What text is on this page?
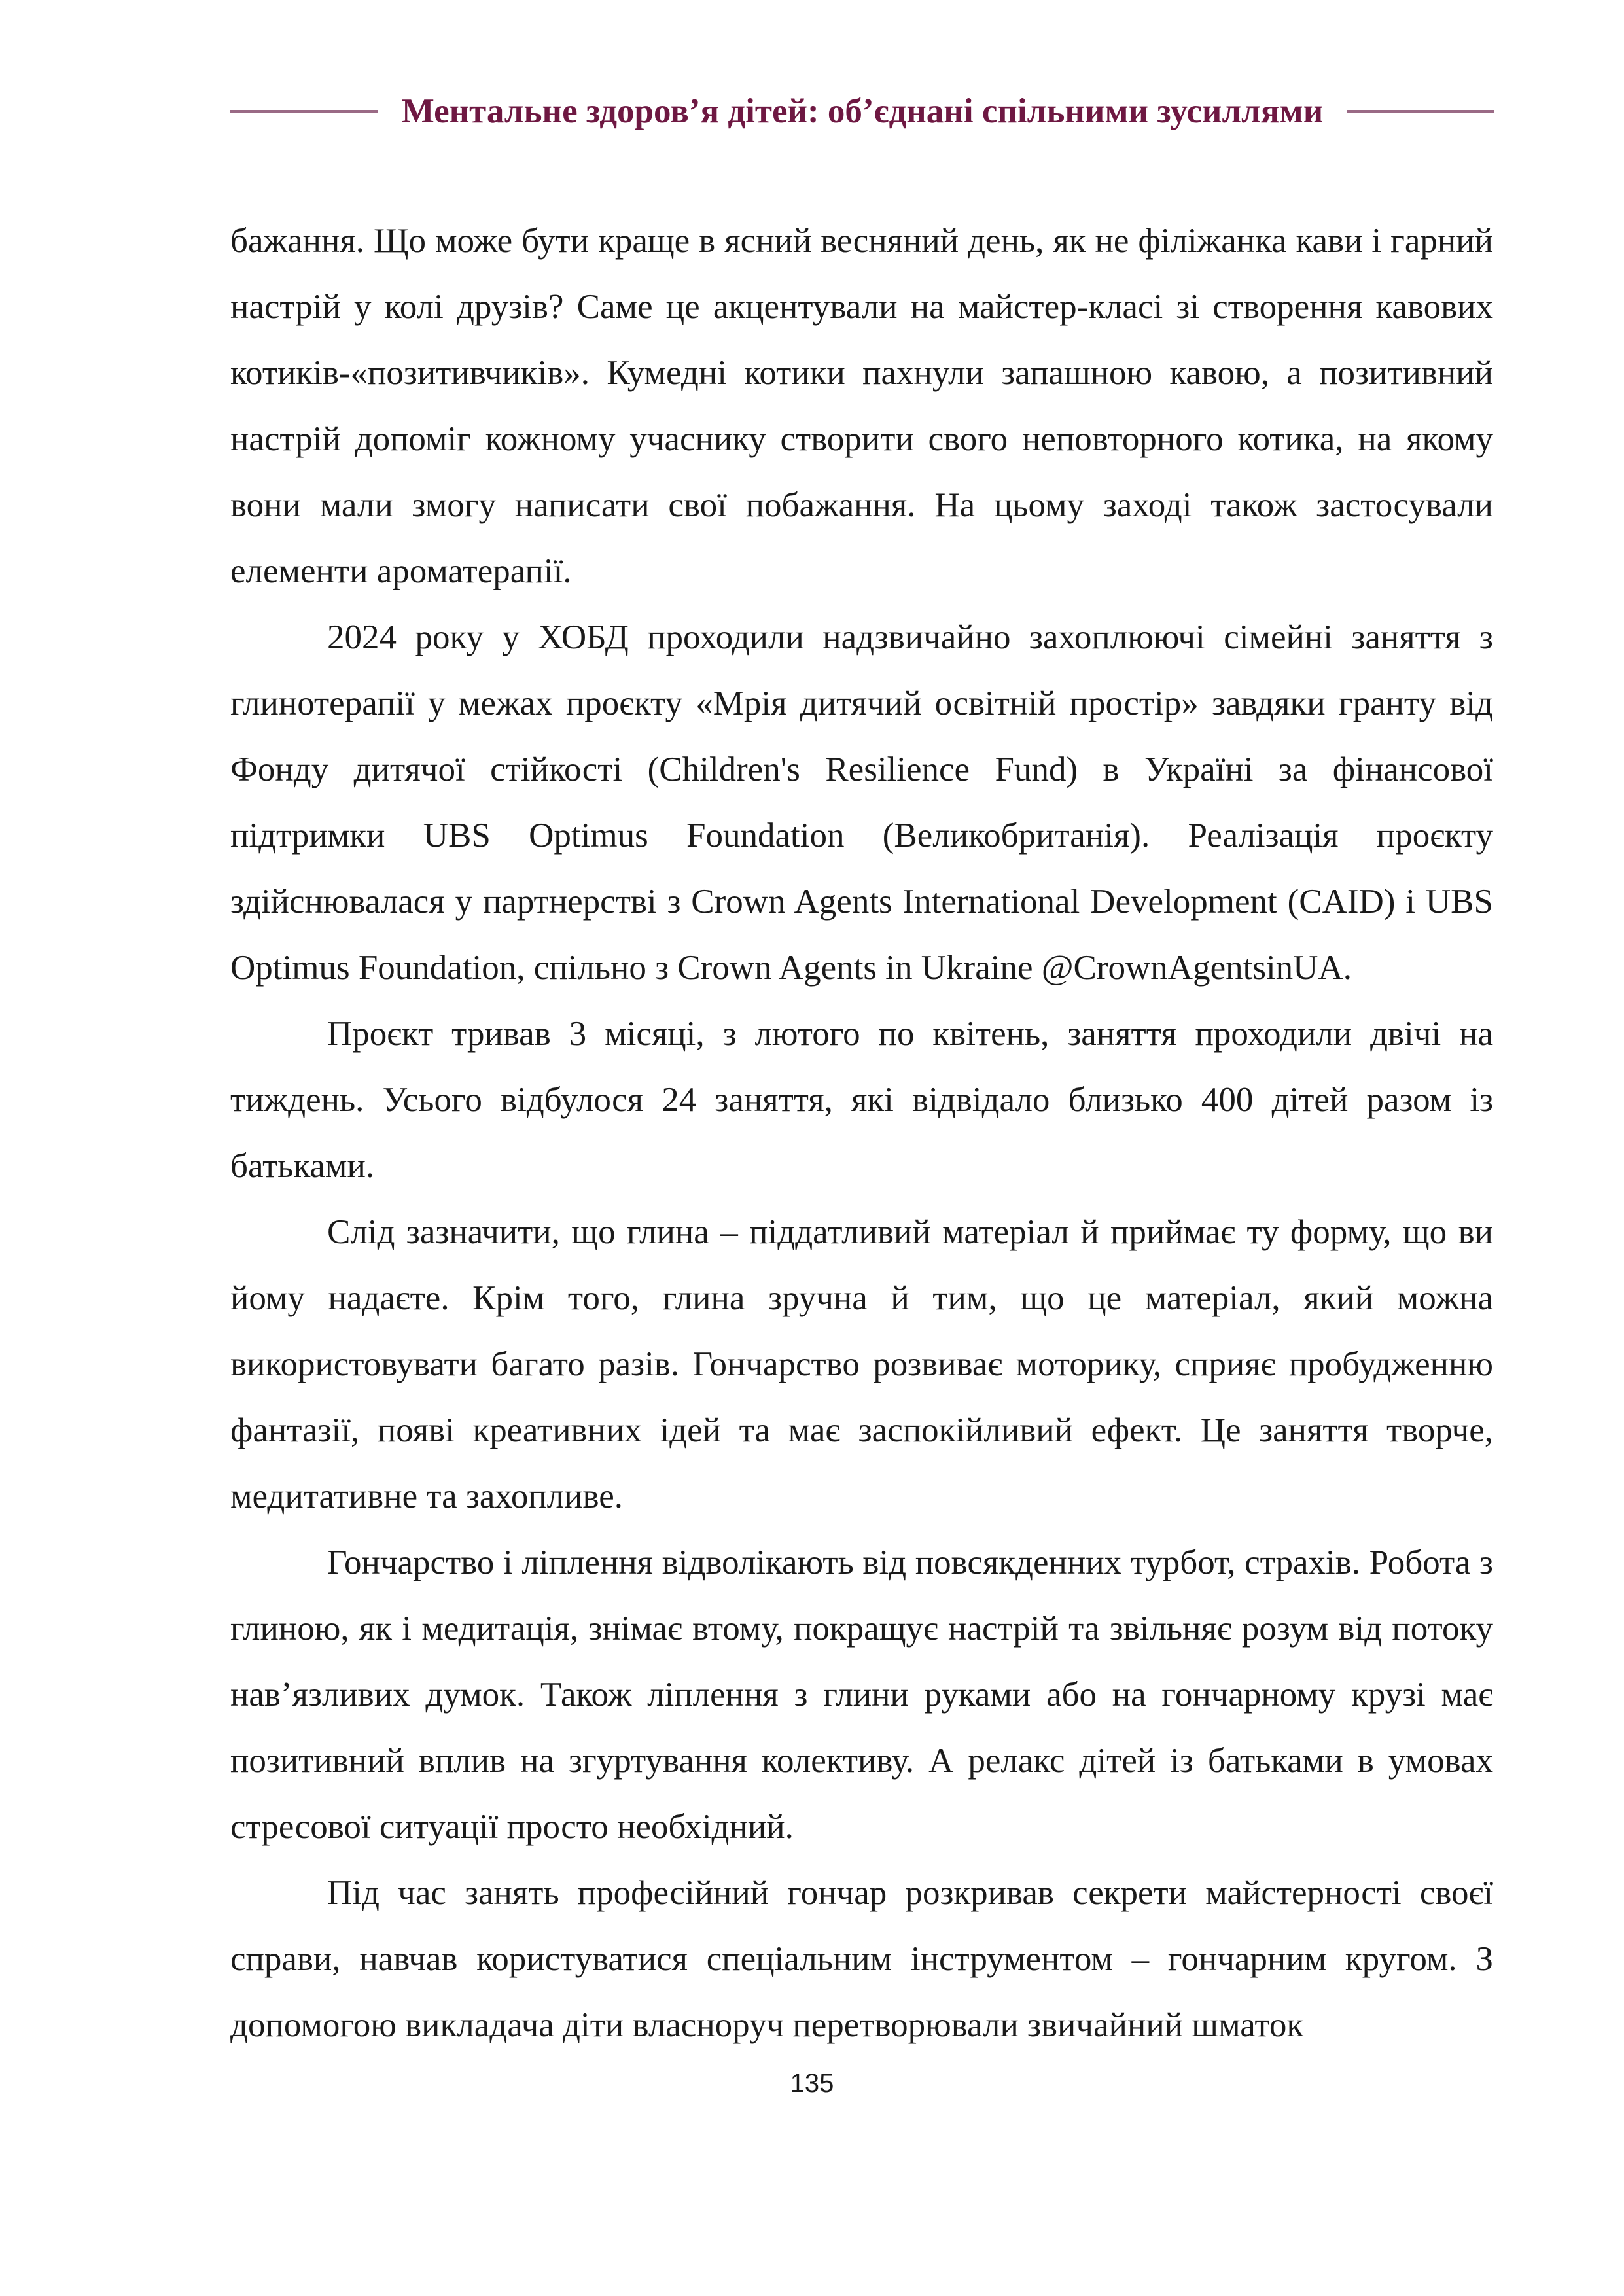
Ментальне здоров’я дітей: об’єднані спільними зусиллями

бажання. Що може бути краще в ясний весняний день, як не філіжанка кави і гарний настрій у колі друзів? Саме це акцентували на майстер-класі зі створення кавових котиків-«позитивчиків». Кумедні котики пахнули запашною кавою, а позитивний настрій допоміг кожному учаснику створити свого неповторного котика, на якому вони мали змогу написати свої побажання. На цьому заході також застосували елементи ароматерапії.

2024 року у ХОБД проходили надзвичайно захоплюючі сімейні заняття з глинотерапії у межах проєкту «Мрія дитячий освітній простір» завдяки гранту від Фонду дитячої стійкості (Children's Resilience Fund) в Україні за фінансової підтримки UBS Optimus Foundation (Великобританія). Реалізація проєкту здійснювалася у партнерстві з Crown Agents International Development (CAID) і UBS Optimus Foundation, спільно з Crown Agents in Ukraine @CrownAgentsinUA.

Проєкт тривав 3 місяці, з лютого по квітень, заняття проходили двічі на тиждень. Усього відбулося 24 заняття, які відвідало близько 400 дітей разом із батьками.

Слід зазначити, що глина – піддатливий матеріал й приймає ту форму, що ви йому надаєте. Крім того, глина зручна й тим, що це матеріал, який можна використовувати багато разів. Гончарство розвиває моторику, сприяє пробудженню фантазії, появі креативних ідей та має заспокійливий ефект. Це заняття творче, медитативне та захопливе.

Гончарство і ліплення відволікають від повсякденних турбот, страхів. Робота з глиною, як і медитація, знімає втому, покращує настрій та звільняє розум від потоку нав’язливих думок. Також ліплення з глини руками або на гончарному крузі має позитивний вплив на згуртування колективу. А релакс дітей із батьками в умовах стресової ситуації просто необхідний.

Під час занять професійний гончар розкривав секрети майстерності своєї справи, навчав користуватися спеціальним інструментом – гончарним кругом. З допомогою викладача діти власноруч перетворювали звичайний шматок

135
